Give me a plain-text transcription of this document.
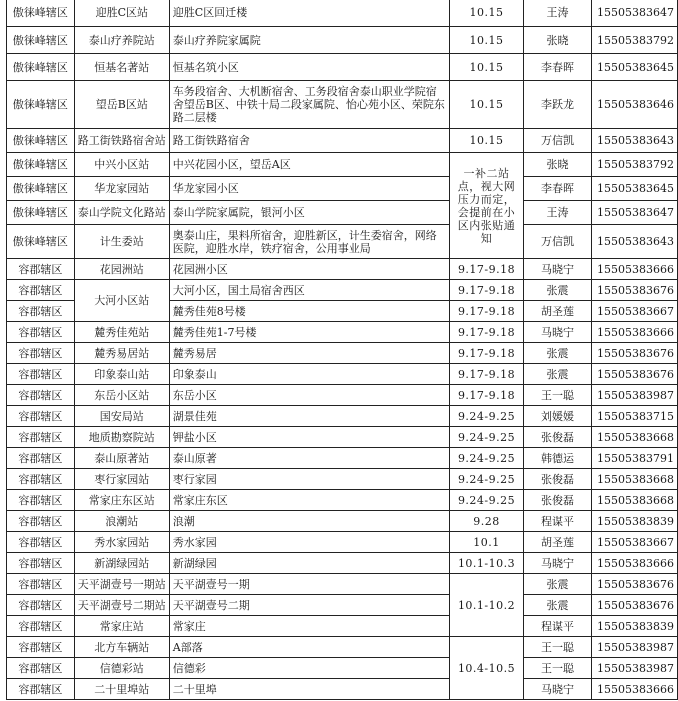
傲徕峰辖区	迎胜C区站	迎胜C区回迁楼	10.15	王涛	15505383647
傲徕峰辖区	泰山疗养院站	泰山疗养院家属院	10.15	张晓	15505383792
傲徕峰辖区	恒基名著站	恒基名筑小区	10.15	李春晖	15505383645
傲徕峰辖区	望岳B区站	车务段宿舍、大机断宿舍、工务段宿舍泰山职业学院宿舍望岳B区、中铁十局二段家属院、怡心苑小区、荣院东路二层楼	10.15	李跃龙	15505383646
傲徕峰辖区	路工街铁路宿舍站	路工街铁路宿舍	10.15	万信凯	15505383643
傲徕峰辖区	中兴小区站	中兴花园小区，望岳A区	一补二站点，视大网压力而定，会提前在小区内张贴通知	张晓	15505383792
傲徕峰辖区	华龙家园站	华龙家园小区		李春晖	15505383645
傲徕峰辖区	泰山学院文化路站	泰山学院家属院，银河小区		王涛	15505383647
傲徕峰辖区	计生委站	奥泰山庄，果料所宿舍，迎胜新区，计生委宿舍，网络医院，迎胜水岸，铁疗宿舍，公用事业局		万信凯	15505383643
容郡辖区	花园洲站	花园洲小区	9.17-9.18	马晓宁	15505383666
容郡辖区	大河小区站	大河小区，国土局宿舍西区	9.17-9.18	张震	15505383676
容郡辖区		麓秀佳苑8号楼	9.17-9.18	胡圣莲	15505383667
容郡辖区	麓秀佳苑站	麓秀佳苑1-7号楼	9.17-9.18	马晓宁	15505383666
容郡辖区	麓秀易居站	麓秀易居	9.17-9.18	张震	15505383676
容郡辖区	印象泰山站	印象泰山	9.17-9.18	张震	15505383676
容郡辖区	东岳小区站	东岳小区	9.17-9.18	王一聪	15505383987
容郡辖区	国安局站	湖景佳苑	9.24-9.25	刘媛媛	15505383715
容郡辖区	地质勘察院站	钾盐小区	9.24-9.25	张俊磊	15505383668
容郡辖区	泰山原著站	泰山原著	9.24-9.25	韩德运	15505383791
容郡辖区	枣行家园站	枣行家园	9.24-9.25	张俊磊	15505383668
容郡辖区	常家庄东区站	常家庄东区	9.24-9.25	张俊磊	15505383668
容郡辖区	浪潮站	浪潮	9.28	程谋平	15505383839
容郡辖区	秀水家园站	秀水家园	10.1	胡圣莲	15505383667
容郡辖区	新湖绿园站	新湖绿园	10.1-10.3	马晓宁	15505383666
容郡辖区	天平湖壹号一期站	天平湖壹号一期	10.1-10.2	张震	15505383676
容郡辖区	天平湖壹号二期站	天平湖壹号二期		张震	15505383676
容郡辖区	常家庄站	常家庄		程谋平	15505383839
容郡辖区	北方车辆站	A部落	10.4-10.5	王一聪	15505383987
容郡辖区	信德彩站	信德彩		王一聪	15505383987
容郡辖区	二十里埠站	二十里埠		马晓宁	15505383666
